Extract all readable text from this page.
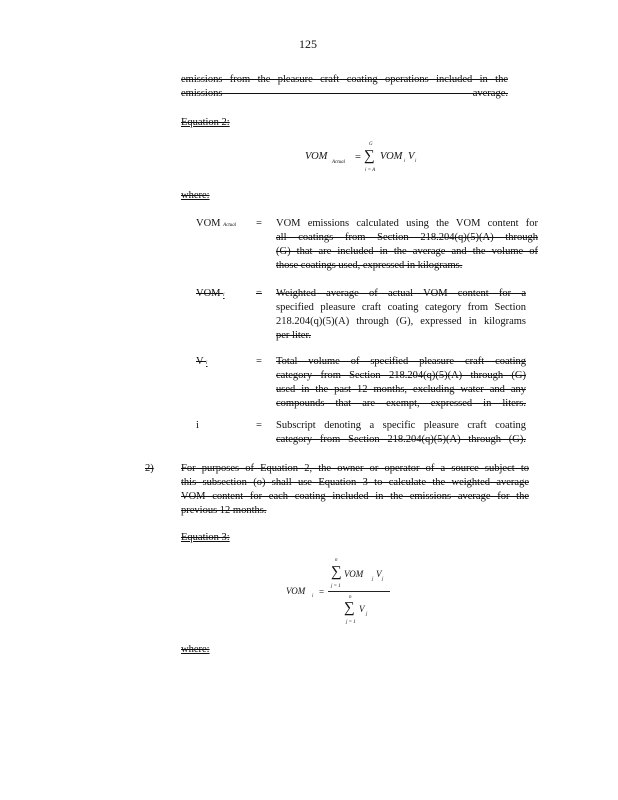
125
emissions from the pleasure craft coating operations included in the emissions average.
Equation 2:
VOM
Actual =
G
∑
i = A
VOM i V i
where:
VOM Actual = VOM emissions calculated using the VOM content for
all coatings from Section 218.204(q)(5)(A) through
(G) that are included in the average and the volume of
those coatings used, expressed in kilograms.
VOM i	= Weighted average of actual VOM content for a
specified pleasure craft coating category from Section
218.204(q)(5)(A) through (G), expressed in kilograms
per liter.
V i	= Total volume of specified pleasure craft coating
category from Section 218.204(q)(5)(A) through (G)
used in the past 12 months, excluding water and any
compounds that are exempt, expressed in liters.
i	= Subscript denoting a specific pleasure craft coating
category from Section 218.204(q)(5)(A) through (G).
2)	For purposes of Equation 2, the owner or operator of a source subject to
this subsection (o) shall use Equation 3 to calculate the weighted average
VOM content for each coating included in the emissions average for the
previous 12 months.
Equation 3:
VOM
i =
n
∑
j = 1
VOM
j
V
j
n
∑
j = 1
V
j
where:
